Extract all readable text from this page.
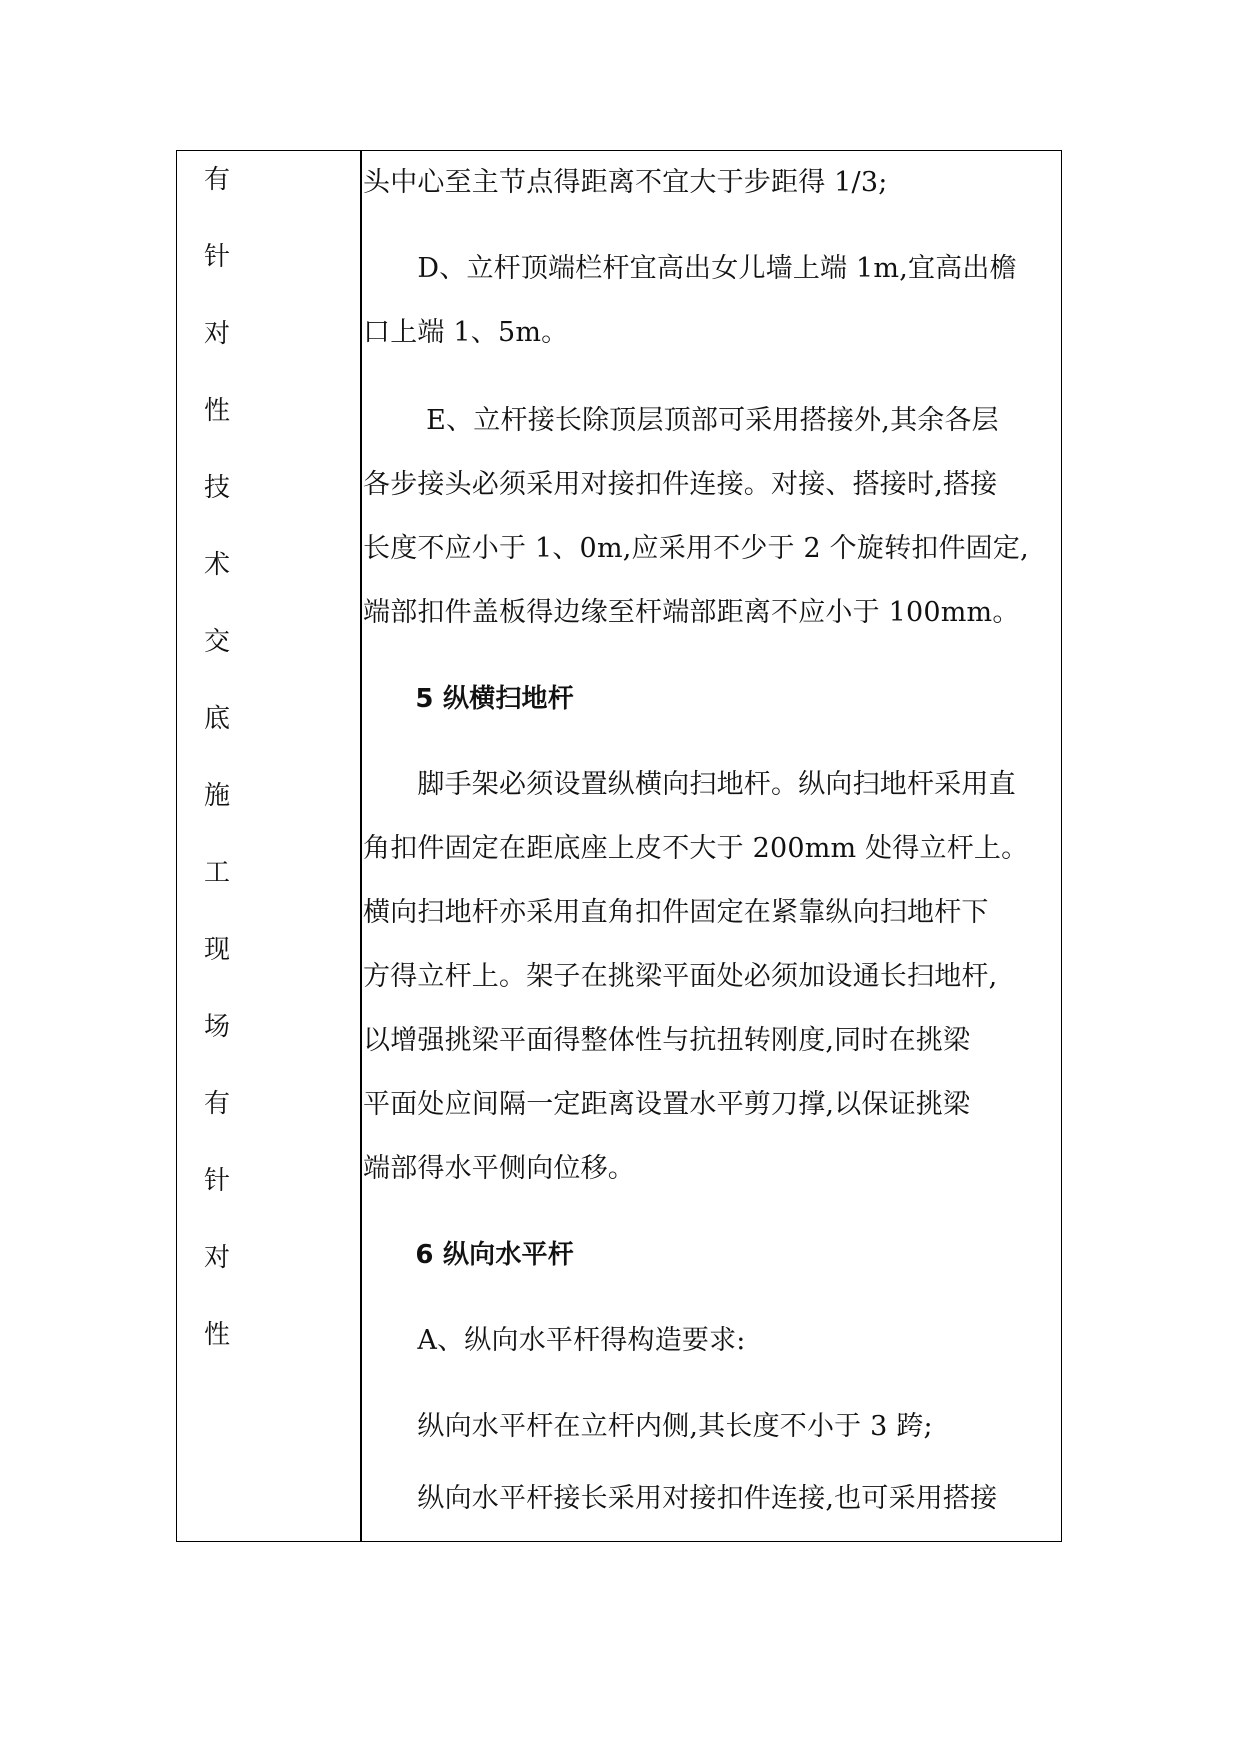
有
针
对
性
技
术
交
底
施
工
现
场
有
针
对
性
头中心至主节点得距离不宜大于步距得 1/3;
　　D、立杆顶端栏杆宜高出女儿墙上端 1m,宜高出檐
口上端 1、5m。
　　 E、立杆接长除顶层顶部可采用搭接外,其余各层
各步接头必须采用对接扣件连接。对接、搭接时,搭接
长度不应小于 1、0m,应采用不少于 2 个旋转扣件固定,
端部扣件盖板得边缘至杆端部距离不应小于 100mm。
　　5 纵横扫地杆
　　脚手架必须设置纵横向扫地杆。纵向扫地杆采用直
角扣件固定在距底座上皮不大于 200mm 处得立杆上。
横向扫地杆亦采用直角扣件固定在紧靠纵向扫地杆下
方得立杆上。架子在挑梁平面处必须加设通长扫地杆,
以增强挑梁平面得整体性与抗扭转刚度,同时在挑梁
平面处应间隔一定距离设置水平剪刀撑,以保证挑梁
端部得水平侧向位移。
　　6 纵向水平杆
　　A、纵向水平杆得构造要求:
　　纵向水平杆在立杆内侧,其长度不小于 3 跨;
　　纵向水平杆接长采用对接扣件连接,也可采用搭接
